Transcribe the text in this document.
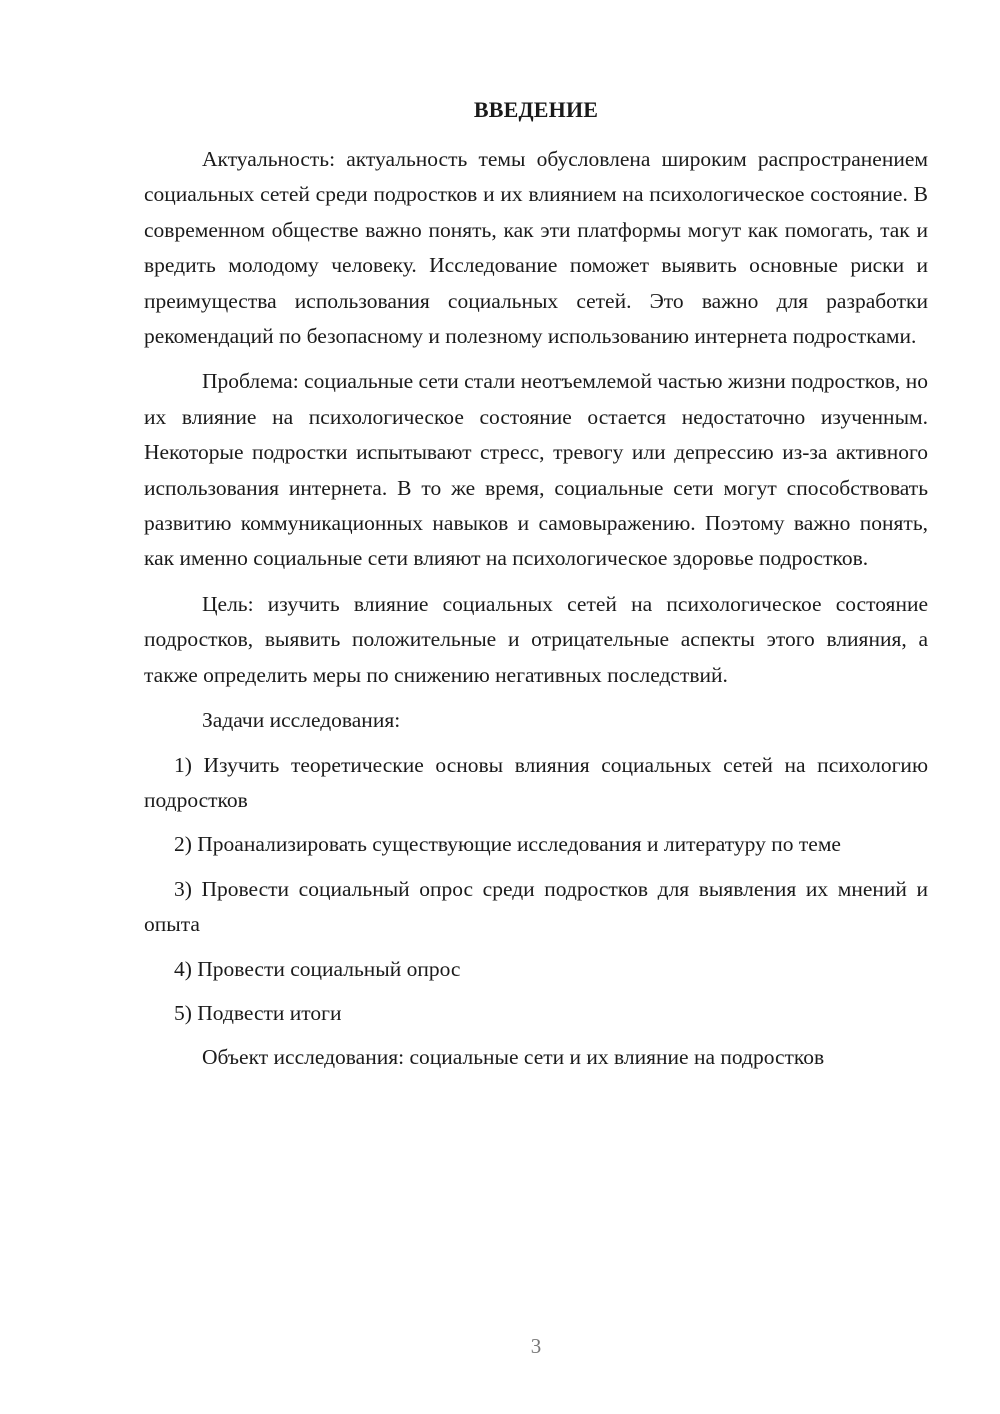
ВВЕДЕНИЕ

Актуальность: актуальность темы обусловлена широким распространением социальных сетей среди подростков и их влиянием на психологическое состояние. В современном обществе важно понять, как эти платформы могут как помогать, так и вредить молодому человеку. Исследование поможет выявить основные риски и преимущества использования социальных сетей. Это важно для разработки рекомендаций по безопасному и полезному использованию интернета подростками.

Проблема: социальные сети стали неотъемлемой частью жизни подростков, но их влияние на психологическое состояние остается недостаточно изученным. Некоторые подростки испытывают стресс, тревогу или депрессию из-за активного использования интернета. В то же время, социальные сети могут способствовать развитию коммуникационных навыков и самовыражению. Поэтому важно понять, как именно социальные сети влияют на психологическое здоровье подростков.

Цель: изучить влияние социальных сетей на психологическое состояние подростков, выявить положительные и отрицательные аспекты этого влияния, а также определить меры по снижению негативных последствий.

Задачи исследования:

1) Изучить теоретические основы влияния социальных сетей на психологию подростков

2) Проанализировать существующие исследования и литературу по теме

3) Провести социальный опрос среди подростков для выявления их мнений и опыта

4) Провести социальный опрос

5) Подвести итоги

Объект исследования: социальные сети и их влияние на подростков

3
